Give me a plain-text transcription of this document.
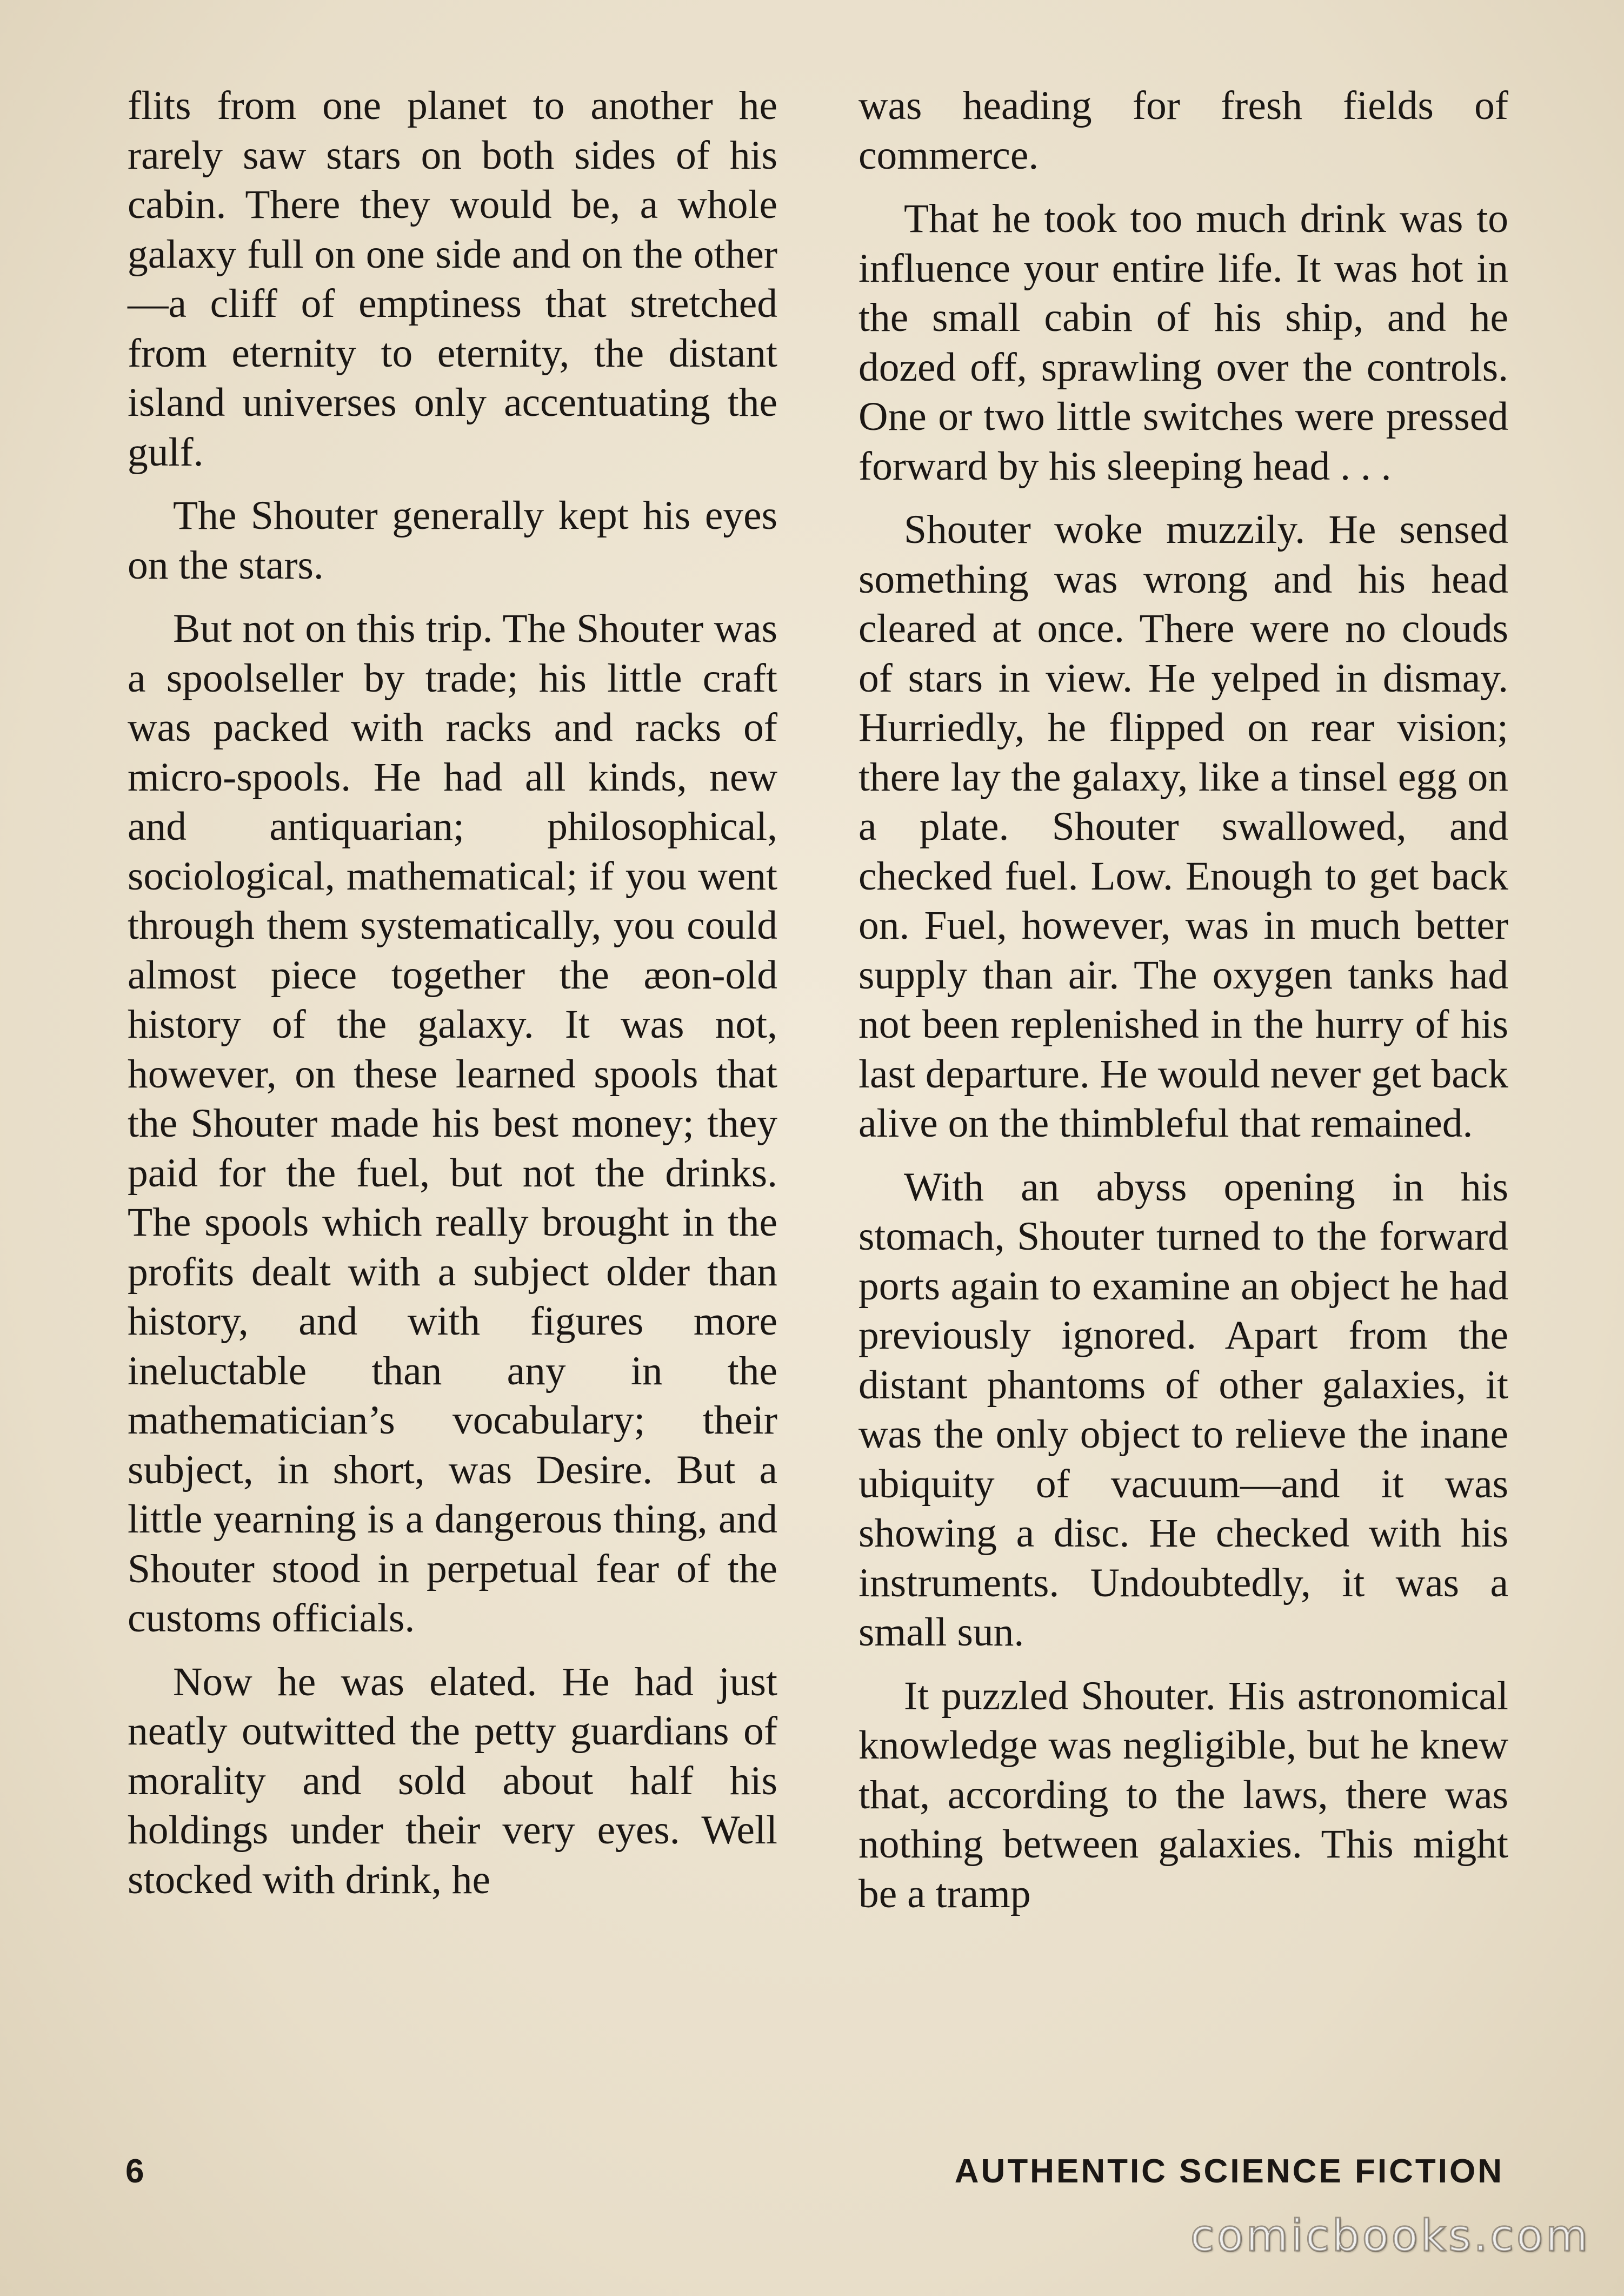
flits from one planet to another he rarely saw stars on both sides of his cabin. There they would be, a whole galaxy full on one side and on the other—a cliff of emptiness that stretched from eternity to eternity, the distant island universes only accentuating the gulf.

The Shouter generally kept his eyes on the stars.

But not on this trip. The Shouter was a spoolseller by trade; his little craft was packed with racks and racks of micro-spools. He had all kinds, new and antiquarian; philosophical, sociological, mathematical; if you went through them systematically, you could almost piece together the æon-old history of the galaxy. It was not, however, on these learned spools that the Shouter made his best money; they paid for the fuel, but not the drinks. The spools which really brought in the profits dealt with a subject older than history, and with figures more ineluctable than any in the mathematician’s vocabulary; their subject, in short, was Desire. But a little yearning is a dangerous thing, and Shouter stood in perpetual fear of the customs officials.

Now he was elated. He had just neatly outwitted the petty guardians of morality and sold about half his holdings under their very eyes. Well stocked with drink, he

was heading for fresh fields of commerce.

That he took too much drink was to influence your entire life. It was hot in the small cabin of his ship, and he dozed off, sprawling over the controls. One or two little switches were pressed forward by his sleeping head . . .

Shouter woke muzzily. He sensed something was wrong and his head cleared at once. There were no clouds of stars in view. He yelped in dismay. Hurriedly, he flipped on rear vision; there lay the galaxy, like a tinsel egg on a plate. Shouter swallowed, and checked fuel. Low. Enough to get back on. Fuel, however, was in much better supply than air. The oxygen tanks had not been replenished in the hurry of his last departure. He would never get back alive on the thimbleful that remained.

With an abyss opening in his stomach, Shouter turned to the forward ports again to examine an object he had previously ignored. Apart from the distant phantoms of other galaxies, it was the only object to relieve the inane ubiquity of vacuum—and it was showing a disc. He checked with his instruments. Undoubtedly, it was a small sun.

It puzzled Shouter. His astronomical knowledge was negligible, but he knew that, according to the laws, there was nothing between galaxies. This might be a tramp

6	AUTHENTIC SCIENCE FICTION
comicbooks.com
